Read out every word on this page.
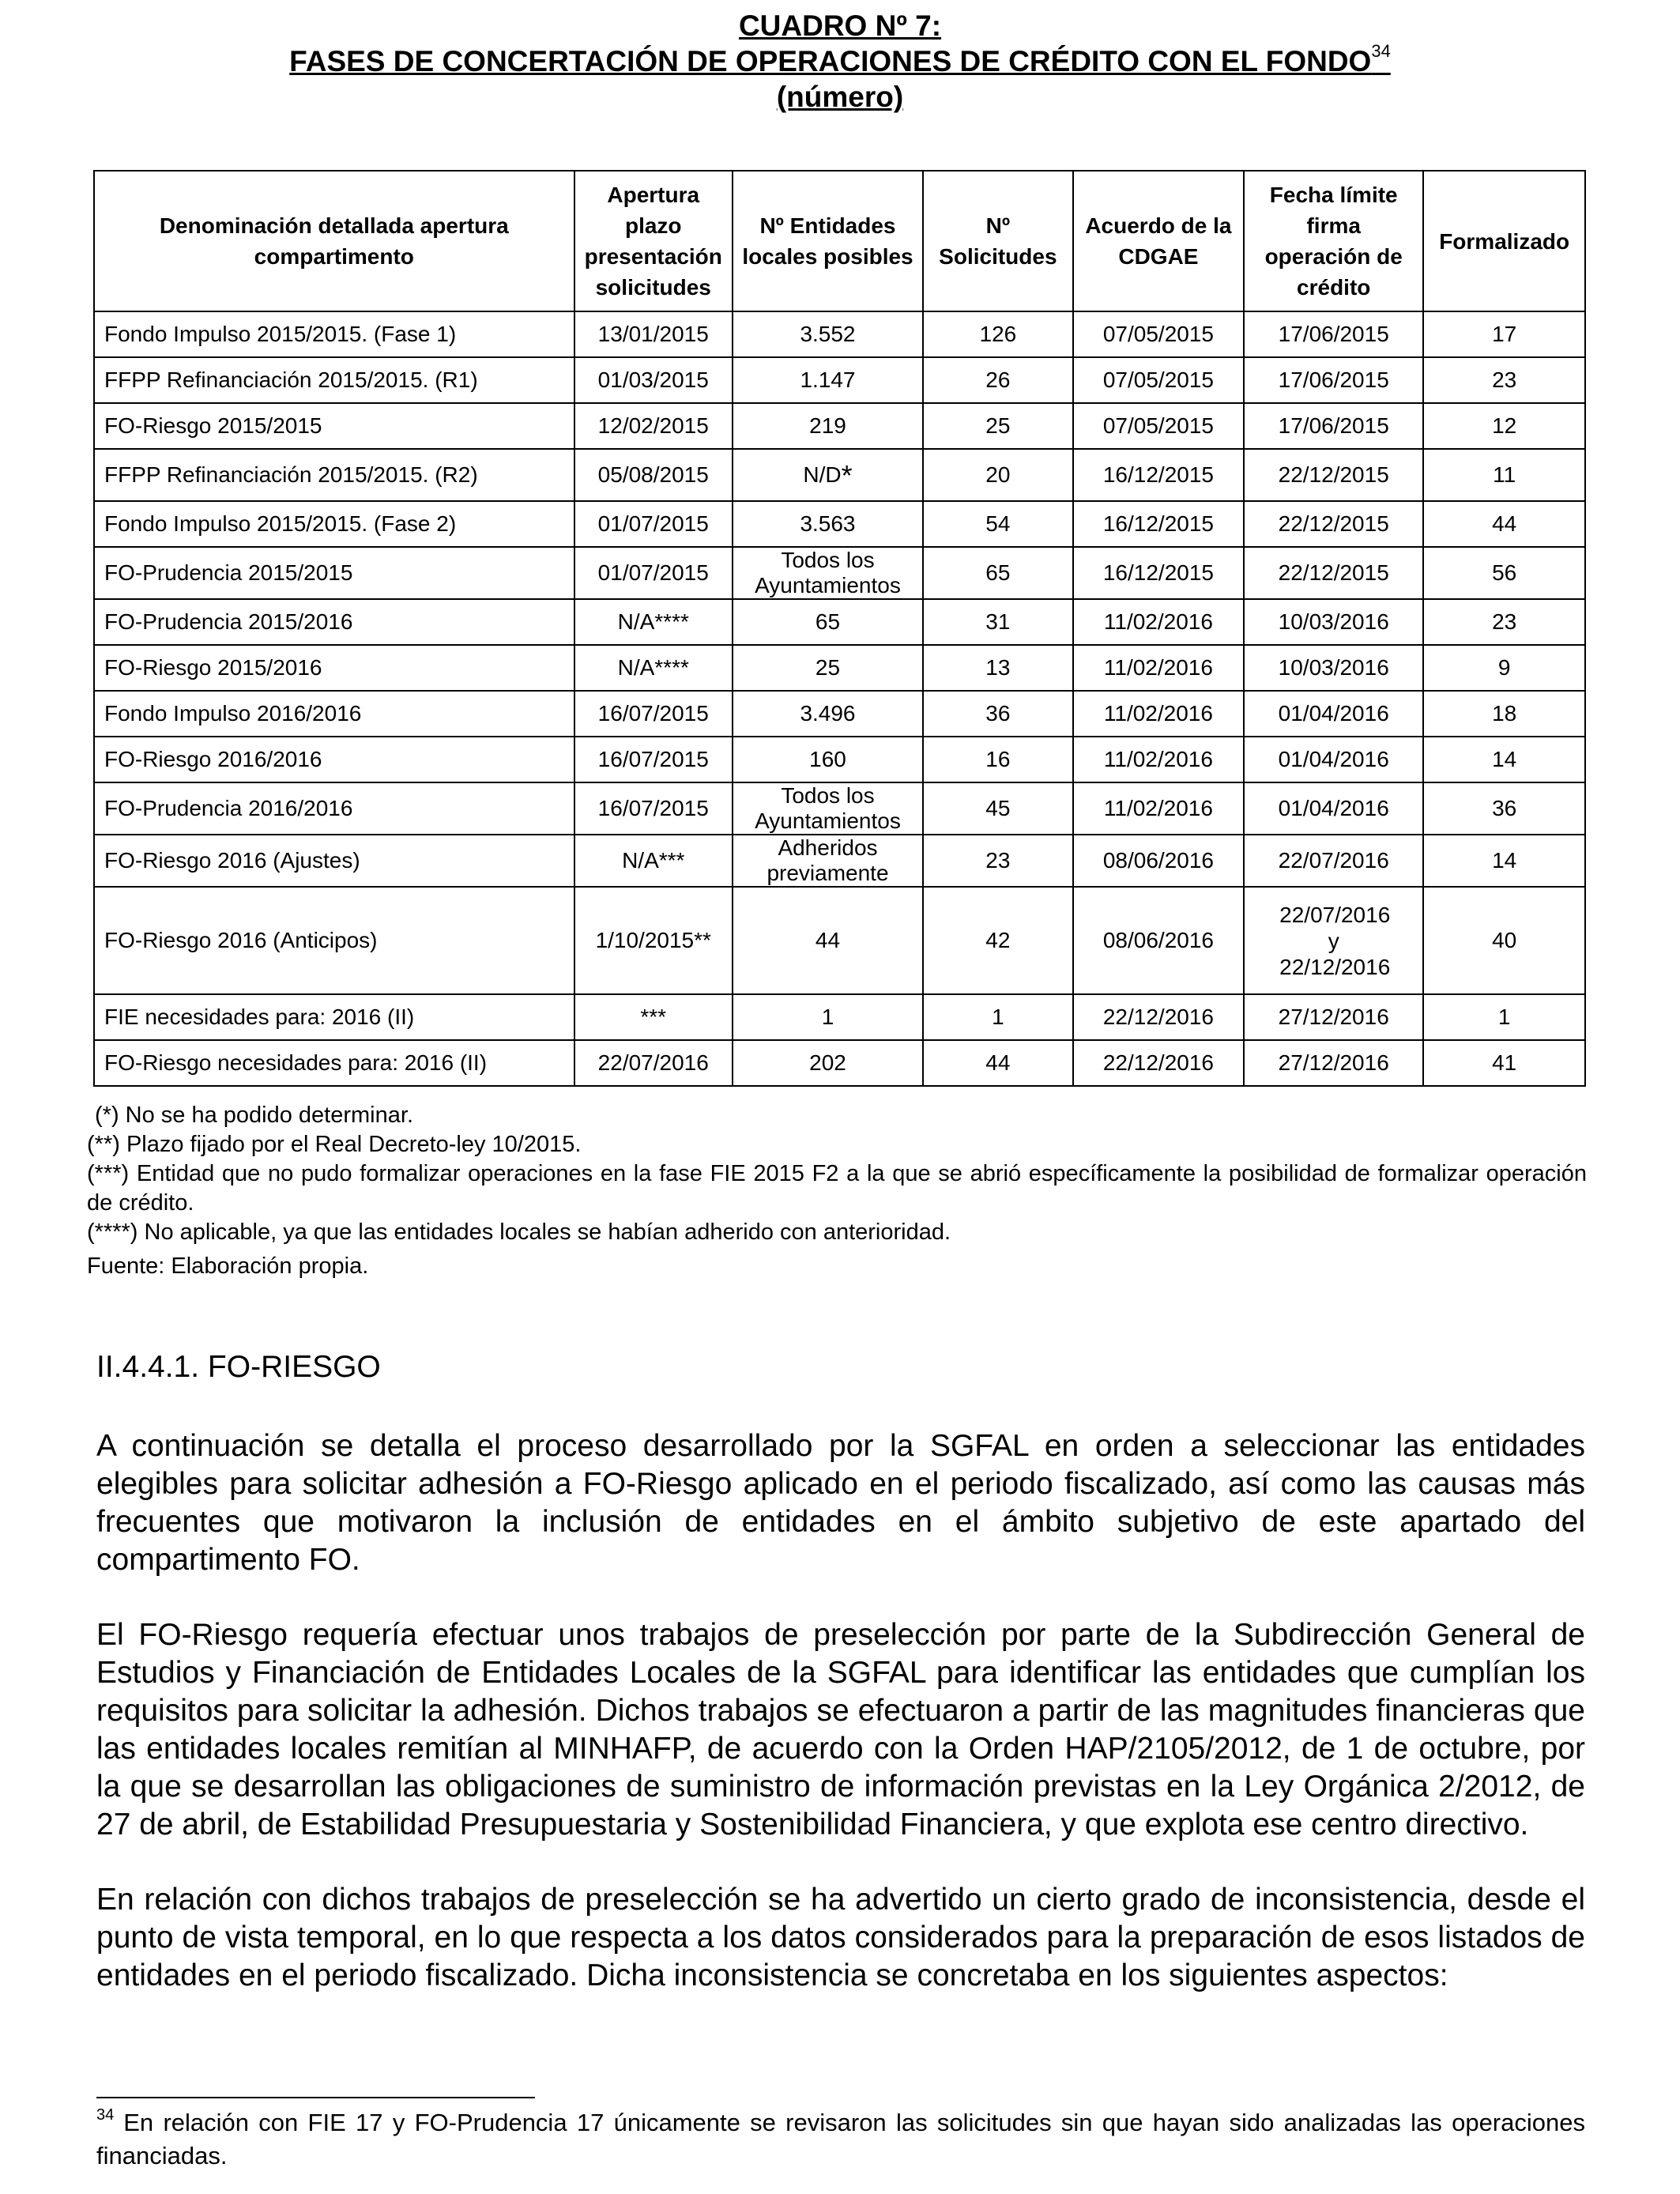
CUADRO Nº 7:

FASES DE CONCERTACIÓN DE OPERACIONES DE CRÉDITO CON EL FONDO$^{34}$

(número)

Denominación detallada apertura compartimento	Apertura plazo presentación solicitudes	Nº Entidades locales posibles	Nº Solicitudes	Acuerdo de la CDGAE	Fecha límite firma operación de crédito	Formalizado
Fondo Impulso 2015/2015. (Fase 1)	13/01/2015	3.552	126	07/05/2015	17/06/2015	17
FFPP Refinanciación 2015/2015. (R1)	01/03/2015	1.147	26	07/05/2015	17/06/2015	23
FO-Riesgo 2015/2015	12/02/2015	219	25	07/05/2015	17/06/2015	12
FFPP Refinanciación 2015/2015. (R2)	05/08/2015	N/D*	20	16/12/2015	22/12/2015	11
Fondo Impulso 2015/2015. (Fase 2)	01/07/2015	3.563	54	16/12/2015	22/12/2015	44
FO-Prudencia 2015/2015	01/07/2015	Todos los Ayuntamientos	65	16/12/2015	22/12/2015	56
FO-Prudencia 2015/2016	N/A****	65	31	11/02/2016	10/03/2016	23
FO-Riesgo 2015/2016	N/A****	25	13	11/02/2016	10/03/2016	9
Fondo Impulso 2016/2016	16/07/2015	3.496	36	11/02/2016	01/04/2016	18
FO-Riesgo 2016/2016	16/07/2015	160	16	11/02/2016	01/04/2016	14
FO-Prudencia 2016/2016	16/07/2015	Todos los Ayuntamientos	45	11/02/2016	01/04/2016	36
FO-Riesgo 2016 (Ajustes)	N/A***	Adheridos previamente	23	08/06/2016	22/07/2016	14
FO-Riesgo 2016 (Anticipos)	1/10/2015**	44	42	08/06/2016	22/07/2016 y 22/12/2016	40
FIE necesidades para: 2016 (II)	***	1	1	22/12/2016	27/12/2016	1
FO-Riesgo necesidades para: 2016 (II)	22/07/2016	202	44	22/12/2016	27/12/2016	41

(*) No se ha podido determinar.

(**) Plazo fijado por el Real Decreto-ley 10/2015.

(***) Entidad que no pudo formalizar operaciones en la fase FIE 2015 F2 a la que se abrió específicamente la posibilidad de formalizar operación de crédito.

(****) No aplicable, ya que las entidades locales se habían adherido con anterioridad.

Fuente: Elaboración propia.

II.4.4.1. FO-RIESGO

A continuación se detalla el proceso desarrollado por la SGFAL en orden a seleccionar las entidades elegibles para solicitar adhesión a FO-Riesgo aplicado en el periodo fiscalizado, así como las causas más frecuentes que motivaron la inclusión de entidades en el ámbito subjetivo de este apartado del compartimento FO.

El FO-Riesgo requería efectuar unos trabajos de preselección por parte de la Subdirección General de Estudios y Financiación de Entidades Locales de la SGFAL para identificar las entidades que cumplían los requisitos para solicitar la adhesión. Dichos trabajos se efectuaron a partir de las magnitudes financieras que las entidades locales remitían al MINHAFP, de acuerdo con la Orden HAP/2105/2012, de 1 de octubre, por la que se desarrollan las obligaciones de suministro de información previstas en la Ley Orgánica 2/2012, de 27 de abril, de Estabilidad Presupuestaria y Sostenibilidad Financiera, y que explota ese centro directivo.

En relación con dichos trabajos de preselección se ha advertido un cierto grado de inconsistencia, desde el punto de vista temporal, en lo que respecta a los datos considerados para la preparación de esos listados de entidades en el periodo fiscalizado. Dicha inconsistencia se concretaba en los siguientes aspectos:

$^{34}$ En relación con FIE 17 y FO-Prudencia 17 únicamente se revisaron las solicitudes sin que hayan sido analizadas las operaciones financiadas.
